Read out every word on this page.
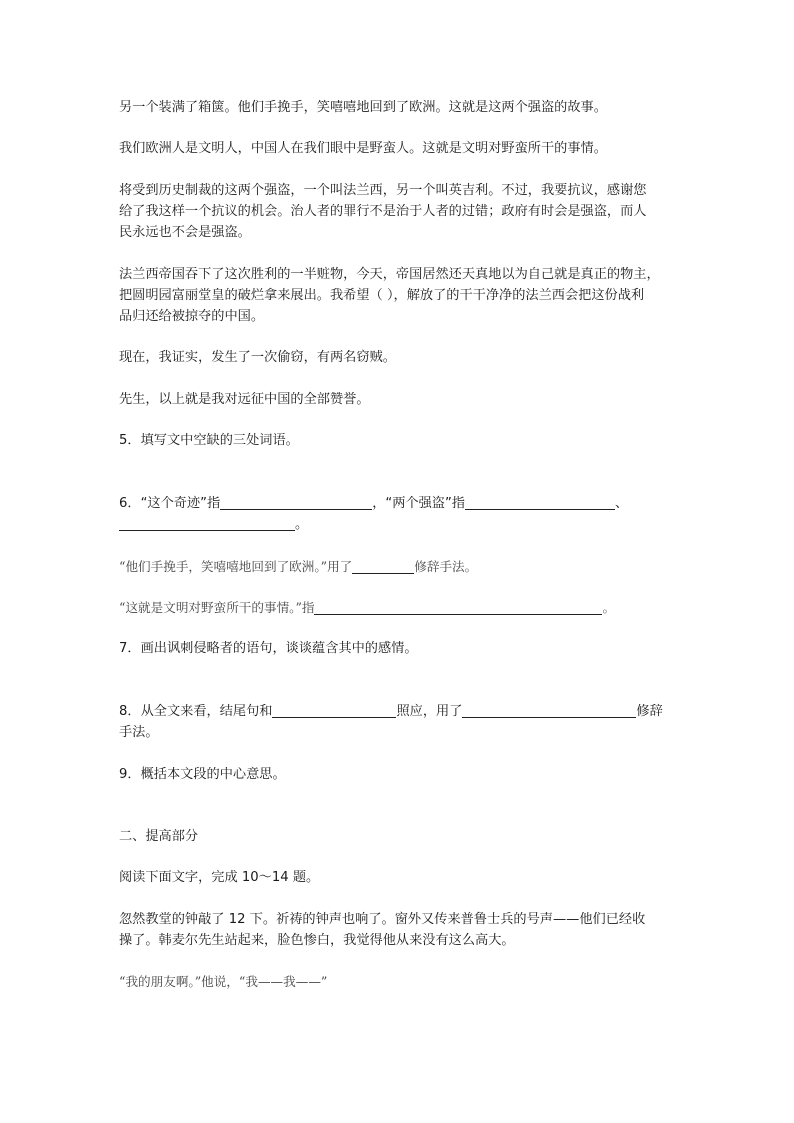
另一个装满了箱箧。他们手挽手，笑嘻嘻地回到了欧洲。这就是这两个强盗的故事。

我们欧洲人是文明人，中国人在我们眼中是野蛮人。这就是文明对野蛮所干的事情。

将受到历史制裁的这两个强盗，一个叫法兰西，另一个叫英吉利。不过，我要抗议，感谢您

给了我这样一个抗议的机会。治人者的罪行不是治于人者的过错；政府有时会是强盗，而人

民永远也不会是强盗。

法兰西帝国吞下了这次胜利的一半赃物，今天，帝国居然还天真地以为自己就是真正的物主，

把圆明园富丽堂皇的破烂拿来展出。我希望（ ），解放了的干干净净的法兰西会把这份战利

品归还给被掠夺的中国。

现在，我证实，发生了一次偷窃，有两名窃贼。

先生，以上就是我对远征中国的全部赞誉。

5．填写文中空缺的三处词语。

6．“这个奇迹”指	，“两个强盗”指	、

。

“他们手挽手，笑嘻嘻地回到了欧洲。”用了	修辞手法。

“这就是文明对野蛮所干的事情。”指	。

7．画出讽刺侵略者的语句，谈谈蕴含其中的感情。

8．从全文来看，结尾句和	照应，用了	修辞

手法。

9．概括本文段的中心意思。

二、提高部分

阅读下面文字，完成 10～14 题。

忽然教堂的钟敲了 12 下。祈祷的钟声也响了。窗外又传来普鲁士兵的号声——他们已经收

操了。韩麦尔先生站起来，脸色惨白，我觉得他从来没有这么高大。

“我的朋友啊。”他说，“我——我——”
